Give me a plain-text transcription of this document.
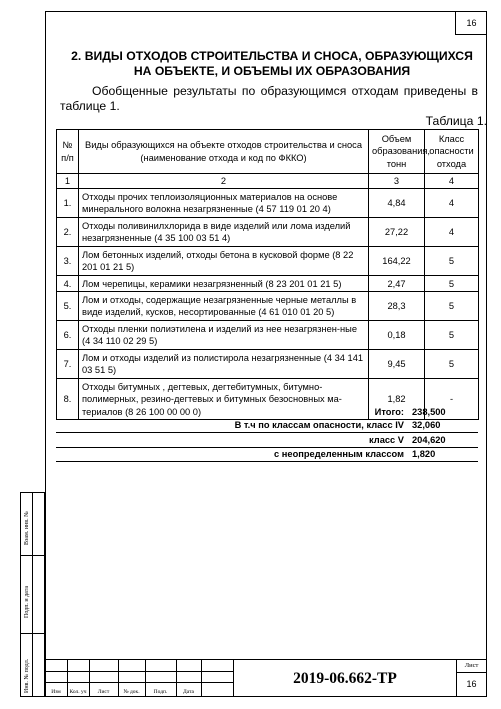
16
2. ВИДЫ ОТХОДОВ СТРОИТЕЛЬСТВА И СНОСА, ОБРАЗУЮЩИХСЯ
НА ОБЪЕКТЕ, И ОБЪЕМЫ ИХ ОБРАЗОВАНИЯ
Обобщенные результаты по образующимся отходам приведены в таблице 1.
Таблица 1.
№ п/п	Виды образующихся на объекте отходов строительства и сноса (наименование отхода и код по ФККО)	Объем образования, тонн	Класс опасности отхода
1	2	3	4
1.	Отходы прочих теплоизоляционных материалов на основе минерального волокна незагрязненные (4 57 119 01 20 4)	4,84	4
2.	Отходы поливинилхлорида в виде изделий или лома изделий незагрязненные (4 35 100 03 51 4)	27,22	4
3.	Лом бетонных изделий, отходы бетона в кусковой форме (8 22 201 01 21 5)	164,22	5
4.	Лом черепицы, керамики незагрязненный (8 23 201 01 21 5)	2,47	5
5.	Лом и отходы, содержащие незагрязненные черные металлы в виде изделий, кусков, несортированные (4 61 010 01 20 5)	28,3	5
6.	Отходы пленки полиэтилена и изделий из нее незагрязнен-ные (4 34 110 02 29 5)	0,18	5
7.	Лом и отходы изделий из полистирола незагрязненные (4 34 141 03 51 5)	9,45	5
8.	Отходы битумных , дегтевых, дегтебитумных, битумно-полимерных, резино-дегтевых и битумных безосновных ма-териалов (8 26 100 00 00 0)	1,82	-
Итого:	238,500
В т.ч по классам опасности, класс IV	32,060
класс V	204,620
с неопределенным классом	1,820
Взам. инв. №
Подп. и дата
Инв. № подл.	Изм	Кол. уч	Лист	№ док.	Подп.	Дата
2019-06.662-ТР
Лист
16
